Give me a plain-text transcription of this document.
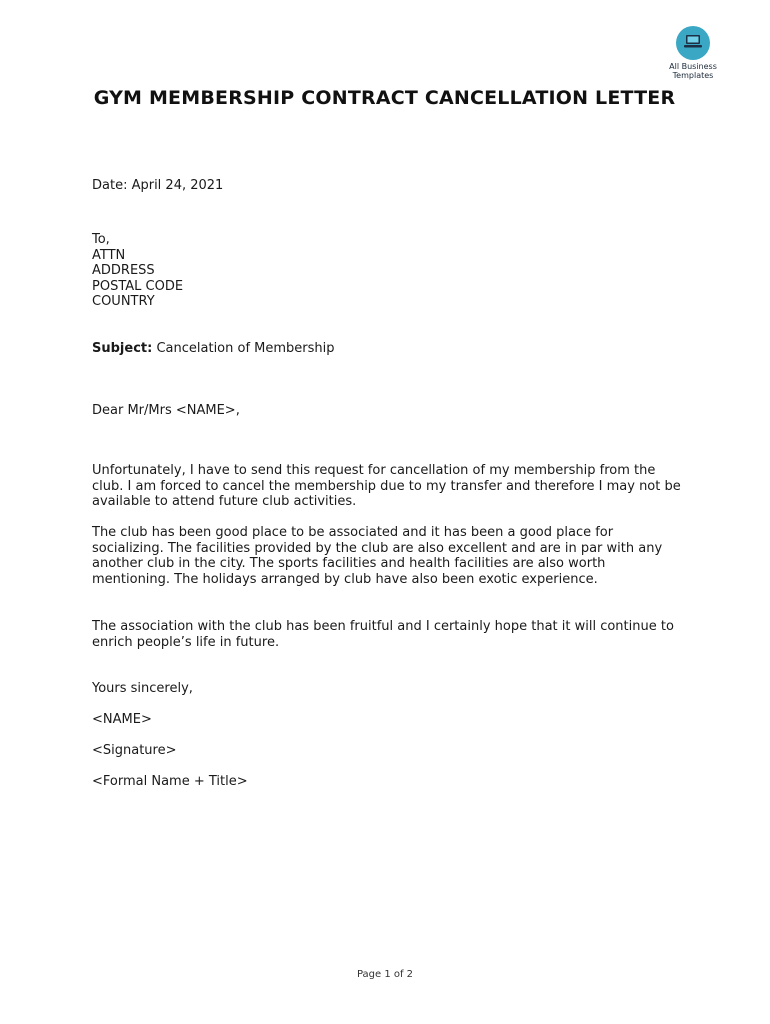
All Business
Templates
GYM MEMBERSHIP CONTRACT CANCELLATION LETTER
Date: April 24, 2021
To,
ATTN
ADDRESS
POSTAL CODE
COUNTRY
Subject: Cancelation of Membership
Dear Mr/Mrs <NAME>,
Unfortunately, I have to send this request for cancellation of my membership from the club. I am forced to cancel the membership due to my transfer and therefore I may not be available to attend future club activities.
The club has been good place to be associated and it has been a good place for socializing. The facilities provided by the club are also excellent and are in par with any another club in the city. The sports facilities and health facilities are also worth mentioning. The holidays arranged by club have also been exotic experience.
The association with the club has been fruitful and I certainly hope that it will continue to enrich people’s life in future.
Yours sincerely,
<NAME>
<Signature>
<Formal Name + Title>
Page 1 of 2
